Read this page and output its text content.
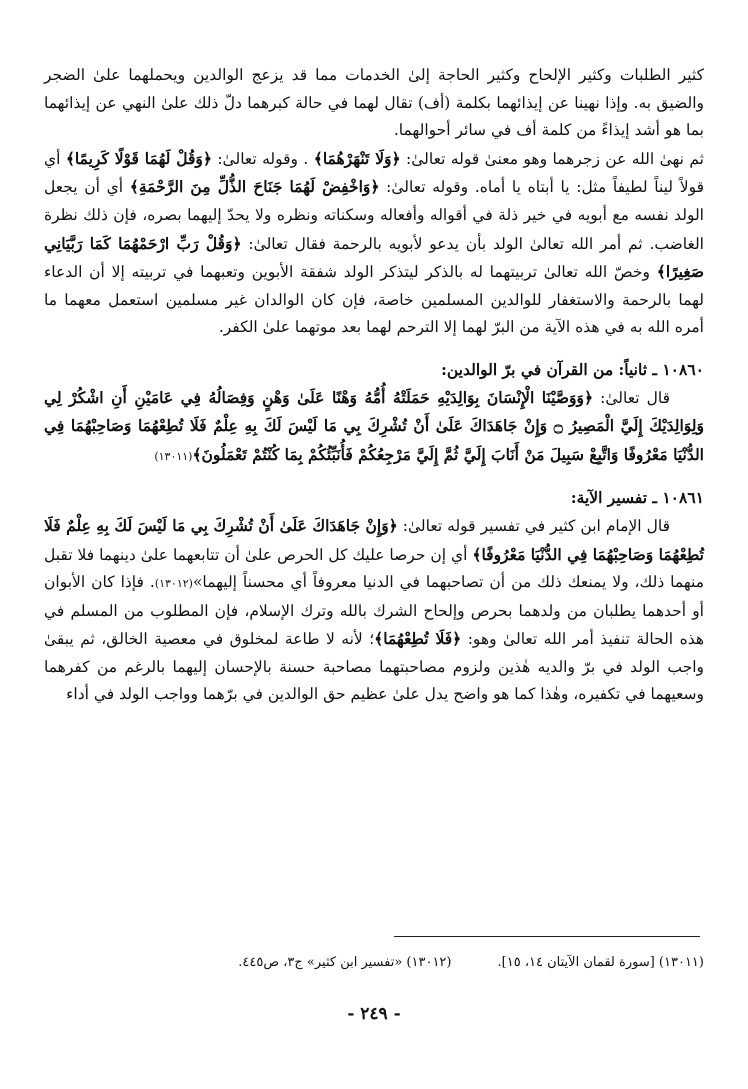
كثير الطلبات وكثير الإلحاح وكثير الحاجة إلىٰ الخدمات مما قد يزعج الوالدين ويحملهما علىٰ الضجر والضيق به. وإذا نهينا عن إيذائهما بكلمة (أف) تقال لهما في حالة كبرهما دلّ ذلك علىٰ النهي عن إيذائهما بما هو أشد إيذاءً من كلمة أف في سائر أحوالهما.

ثم نهىٰ الله عن زجرهما وهو معنىٰ قوله تعالىٰ: ﴿وَلَا تَنْهَرْهُمَا﴾ . وقوله تعالىٰ: ﴿وَقُلْ لَهُمَا قَوْلًا كَرِيمًا﴾ أي قولاً ليناً لطيفاً مثل: يا أبتاه يا أماه. وقوله تعالىٰ: ﴿وَاخْفِضْ لَهُمَا جَنَاحَ الذُّلِّ مِنَ الرَّحْمَةِ﴾ أي أن يجعل الولد نفسه مع أبويه في خير ذلة في أقواله وأفعاله وسكناته ونظره ولا يحدّ إليهما بصره، فإن ذلك نظرة الغاضب. ثم أمر الله تعالىٰ الولد بأن يدعو لأبويه بالرحمة فقال تعالىٰ: ﴿وَقُلْ رَبِّ ارْحَمْهُمَا كَمَا رَبَّيَانِي صَغِيرًا﴾ وخصّ الله تعالىٰ تربيتهما له بالذكر ليتذكر الولد شفقة الأبوين وتعبهما في تربيته إلا أن الدعاء لهما بالرحمة والاستغفار للوالدين المسلمين خاصة، فإن كان الوالدان غير مسلمين استعمل معهما ما أمره الله به في هذه الآية من البرّ لهما إلا الترحم لهما بعد موتهما علىٰ الكفر.

١٠٨٦٠ ـ ثانياً: من القرآن في برّ الوالدين:

قال تعالىٰ: ﴿وَوَصَّيْنَا الْإِنْسَانَ بِوَالِدَيْهِ حَمَلَتْهُ أُمُّهُ وَهْنًا عَلَىٰ وَهْنٍ وَفِصَالُهُ فِي عَامَيْنِ أَنِ اشْكُرْ لِي وَلِوَالِدَيْكَ إِلَيَّ الْمَصِيرُ ۝ وَإِنْ جَاهَدَاكَ عَلَىٰ أَنْ تُشْرِكَ بِي مَا لَيْسَ لَكَ بِهِ عِلْمٌ فَلَا تُطِعْهُمَا وَصَاحِبْهُمَا فِي الدُّنْيَا مَعْرُوفًا وَاتَّبِعْ سَبِيلَ مَنْ أَنَابَ إِلَيَّ ثُمَّ إِلَيَّ مَرْجِعُكُمْ فَأُنَبِّئُكُمْ بِمَا كُنْتُمْ تَعْمَلُونَ﴾(١٣٠١١)

١٠٨٦١ ـ تفسير الآية:

قال الإمام ابن كثير في تفسير قوله تعالىٰ: ﴿وَإِنْ جَاهَدَاكَ عَلَىٰ أَنْ تُشْرِكَ بِي مَا لَيْسَ لَكَ بِهِ عِلْمٌ فَلَا تُطِعْهُمَا وَصَاحِبْهُمَا فِي الدُّنْيَا مَعْرُوفًا﴾ أي إن حرصا عليك كل الحرص علىٰ أن تتابعهما علىٰ دينهما فلا تقبل منهما ذلك، ولا يمنعك ذلك من أن تصاحبهما في الدنيا معروفاً أي محسناً إليهما»(١٣٠١٢). فإذا كان الأبوان أو أحدهما يطلبان من ولدهما بحرص وإلحاح الشرك بالله وترك الإسلام، فإن المطلوب من المسلم في هذه الحالة تنفيذ أمر الله تعالىٰ وهو: ﴿فَلَا تُطِعْهُمَا﴾؛ لأنه لا طاعة لمخلوق في معصية الخالق، ثم يبقىٰ واجب الولد في برّ والديه هٰذين ولزوم مصاحبتهما مصاحبة حسنة بالإحسان إليهما بالرغم من كفرهما وسعيهما في تكفيره، وهٰذا كما هو واضح يدل علىٰ عظيم حق الوالدين في برّهما وواجب الولد في أداء

(١٣٠١١) [سورة لقمان الآيتان ١٤، ١٥].
(١٣٠١٢) «تفسير ابن كثير» ج٣، ص٤٤٥.
- ٢٤٩ -
